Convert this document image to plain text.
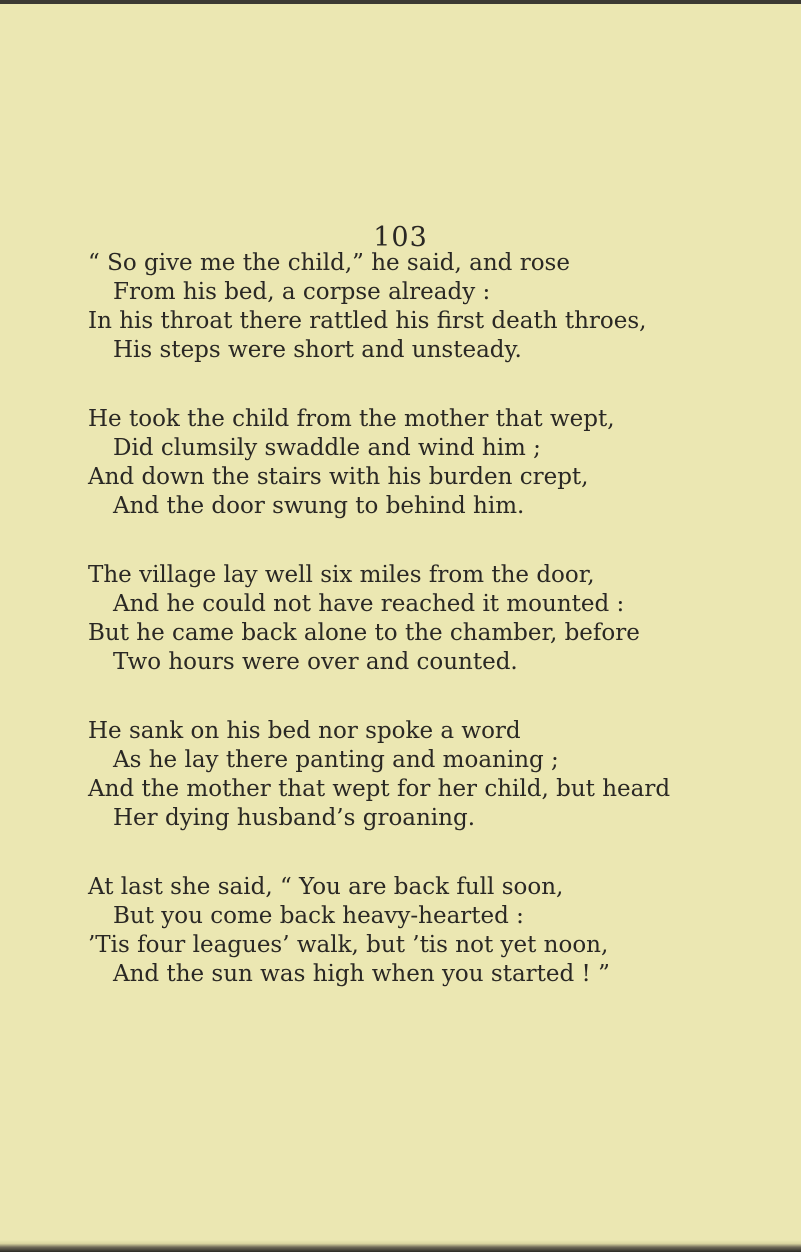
103
“ So give me the child,” he said, and rose
From his bed, a corpse already :
In his throat there rattled his first death throes,
His steps were short and unsteady.
He took the child from the mother that wept,
Did clumsily swaddle and wind him ;
And down the stairs with his burden crept,
And the door swung to behind him.
The village lay well six miles from the door,
And he could not have reached it mounted :
But he came back alone to the chamber, before
Two hours were over and counted.
He sank on his bed nor spoke a word
As he lay there panting and moaning ;
And the mother that wept for her child, but heard
Her dying husband’s groaning.
At last she said, “ You are back full soon,
But you come back heavy-hearted :
’Tis four leagues’ walk, but ’tis not yet noon,
And the sun was high when you started ! ”
